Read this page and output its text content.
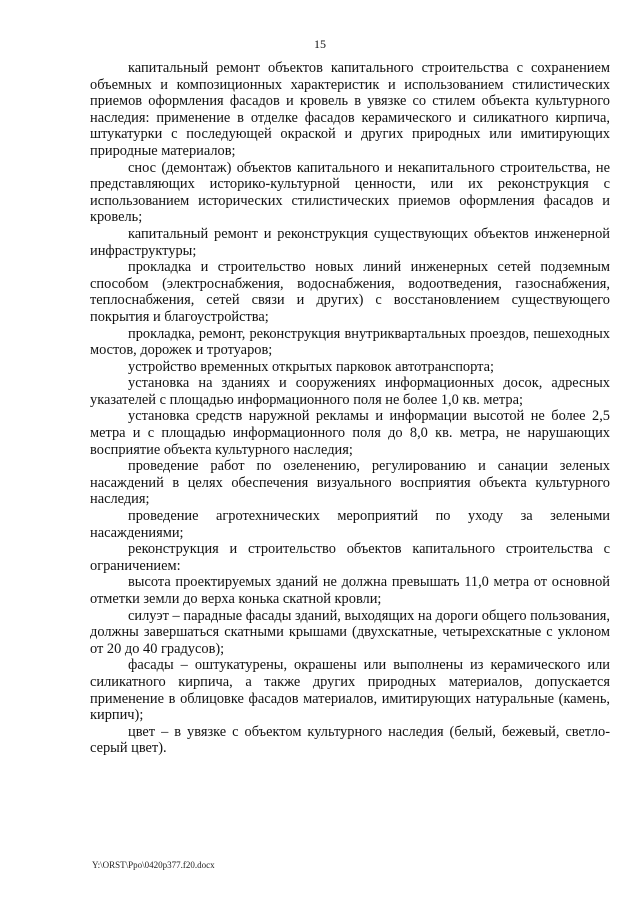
15

капитальный ремонт объектов капитального строительства с сохранением объемных и композиционных характеристик и использованием стилистических приемов оформления фасадов и кровель в увязке со стилем объекта культурного наследия: применение в отделке фасадов керамического и силикатного кирпича, штукатурки с последующей окраской и других природных или имитирующих природные материалов;

снос (демонтаж) объектов капитального и некапитального строительства, не представляющих историко-культурной ценности, или их реконструкция с использованием исторических стилистических приемов оформления фасадов и кровель;

капитальный ремонт и реконструкция существующих объектов инженерной инфраструктуры;

прокладка и строительство новых линий инженерных сетей подземным способом (электроснабжения, водоснабжения, водоотведения, газоснабжения, теплоснабжения, сетей связи и других) с восстановлением существующего покрытия и благоустройства;

прокладка, ремонт, реконструкция внутриквартальных проездов, пешеходных мостов, дорожек и тротуаров;

устройство временных открытых парковок автотранспорта;

установка на зданиях и сооружениях информационных досок, адресных указателей с площадью информационного поля не более 1,0 кв. метра;

установка средств наружной рекламы и информации высотой не более 2,5 метра и с площадью информационного поля до 8,0 кв. метра, не нарушающих восприятие объекта культурного наследия;

проведение работ по озеленению, регулированию и санации зеленых насаждений в целях обеспечения визуального восприятия объекта культурного наследия;

проведение агротехнических мероприятий по уходу за зелеными насаждениями;

реконструкция и строительство объектов капитального строительства с ограничением:

высота проектируемых зданий не должна превышать 11,0 метра от основной отметки земли до верха конька скатной кровли;

силуэт – парадные фасады зданий, выходящих на дороги общего пользования, должны завершаться скатными крышами (двухскатные, четырехскатные с уклоном от 20 до 40 градусов);

фасады – оштукатурены, окрашены или выполнены из керамического или силикатного кирпича, а также других природных материалов, допускается применение в облицовке фасадов материалов, имитирующих натуральные (камень, кирпич);

цвет – в увязке с объектом культурного наследия (белый, бежевый, светло-серый цвет).

Y:\ORST\Ppo\0420p377.f20.docx
